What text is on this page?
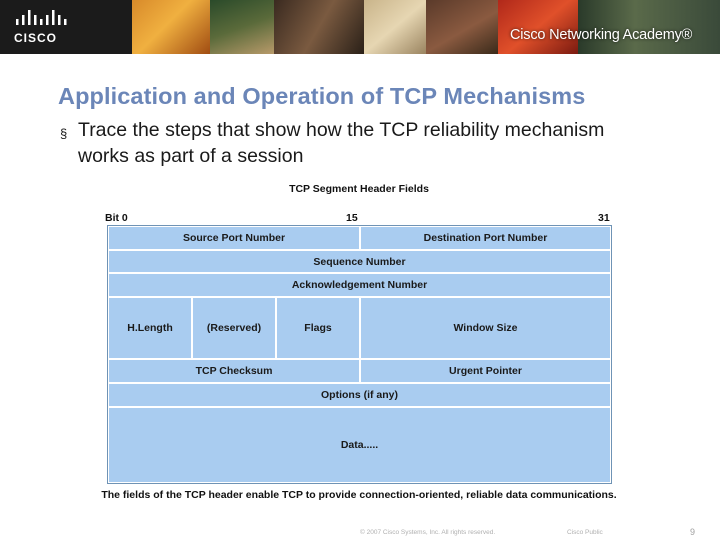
CISCO	Cisco Networking Academy®
Application and Operation of TCP Mechanisms
§ Trace the steps that show how the TCP reliability mechanism works as part of a session
TCP Segment Header Fields
Bit 0	15	31
Source Port Number	Destination Port Number
Sequence Number
Acknowledgement Number
H.Length	(Reserved)	Flags	Window Size
TCP Checksum	Urgent Pointer
Options (if any)
Data.....
The fields of the TCP header enable TCP to provide connection-oriented, reliable data communications.
© 2007 Cisco Systems, Inc. All rights reserved.	Cisco Public	9
